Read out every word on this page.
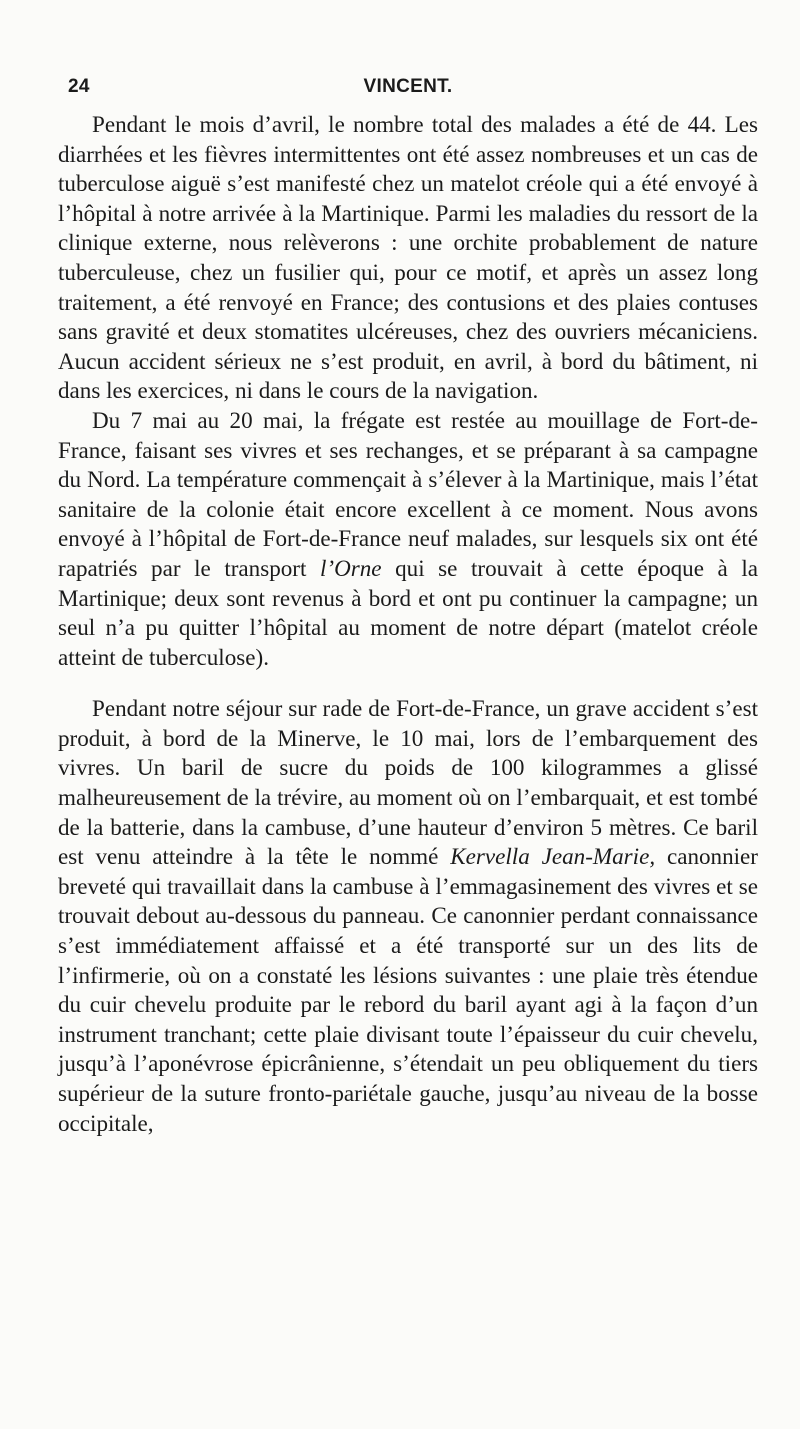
24	VINCENT.

Pendant le mois d’avril, le nombre total des malades a été de 44. Les diarrhées et les fièvres intermittentes ont été assez nombreuses et un cas de tuberculose aiguë s’est manifesté chez un matelot créole qui a été envoyé à l’hôpital à notre arrivée à la Martinique. Parmi les maladies du ressort de la clinique externe, nous relèverons : une orchite probablement de nature tuberculeuse, chez un fusilier qui, pour ce motif, et après un assez long traitement, a été renvoyé en France; des contusions et des plaies contuses sans gravité et deux stomatites ulcéreuses, chez des ouvriers mécaniciens. Aucun accident sérieux ne s’est produit, en avril, à bord du bâtiment, ni dans les exercices, ni dans le cours de la navigation.

Du 7 mai au 20 mai, la frégate est restée au mouillage de Fort-de-France, faisant ses vivres et ses rechanges, et se préparant à sa campagne du Nord. La température commençait à s’élever à la Martinique, mais l’état sanitaire de la colonie était encore excellent à ce moment. Nous avons envoyé à l’hôpital de Fort-de-France neuf malades, sur lesquels six ont été rapatriés par le transport l’Orne qui se trouvait à cette époque à la Martinique; deux sont revenus à bord et ont pu continuer la campagne; un seul n’a pu quitter l’hôpital au moment de notre départ (matelot créole atteint de tuberculose).

Pendant notre séjour sur rade de Fort-de-France, un grave accident s’est produit, à bord de la Minerve, le 10 mai, lors de l’embarquement des vivres. Un baril de sucre du poids de 100 kilogrammes a glissé malheureusement de la trévire, au moment où on l’embarquait, et est tombé de la batterie, dans la cambuse, d’une hauteur d’environ 5 mètres. Ce baril est venu atteindre à la tête le nommé Kervella Jean-Marie, canonnier breveté qui travaillait dans la cambuse à l’emmagasinement des vivres et se trouvait debout au-dessous du panneau. Ce canonnier perdant connaissance s’est immédiatement affaissé et a été transporté sur un des lits de l’infirmerie, où on a constaté les lésions suivantes : une plaie très étendue du cuir chevelu produite par le rebord du baril ayant agi à la façon d’un instrument tranchant; cette plaie divisant toute l’épaisseur du cuir chevelu, jusqu’à l’aponévrose épicrânienne, s’étendait un peu obliquement du tiers supérieur de la suture fronto-pariétale gauche, jusqu’au niveau de la bosse occipitale,
